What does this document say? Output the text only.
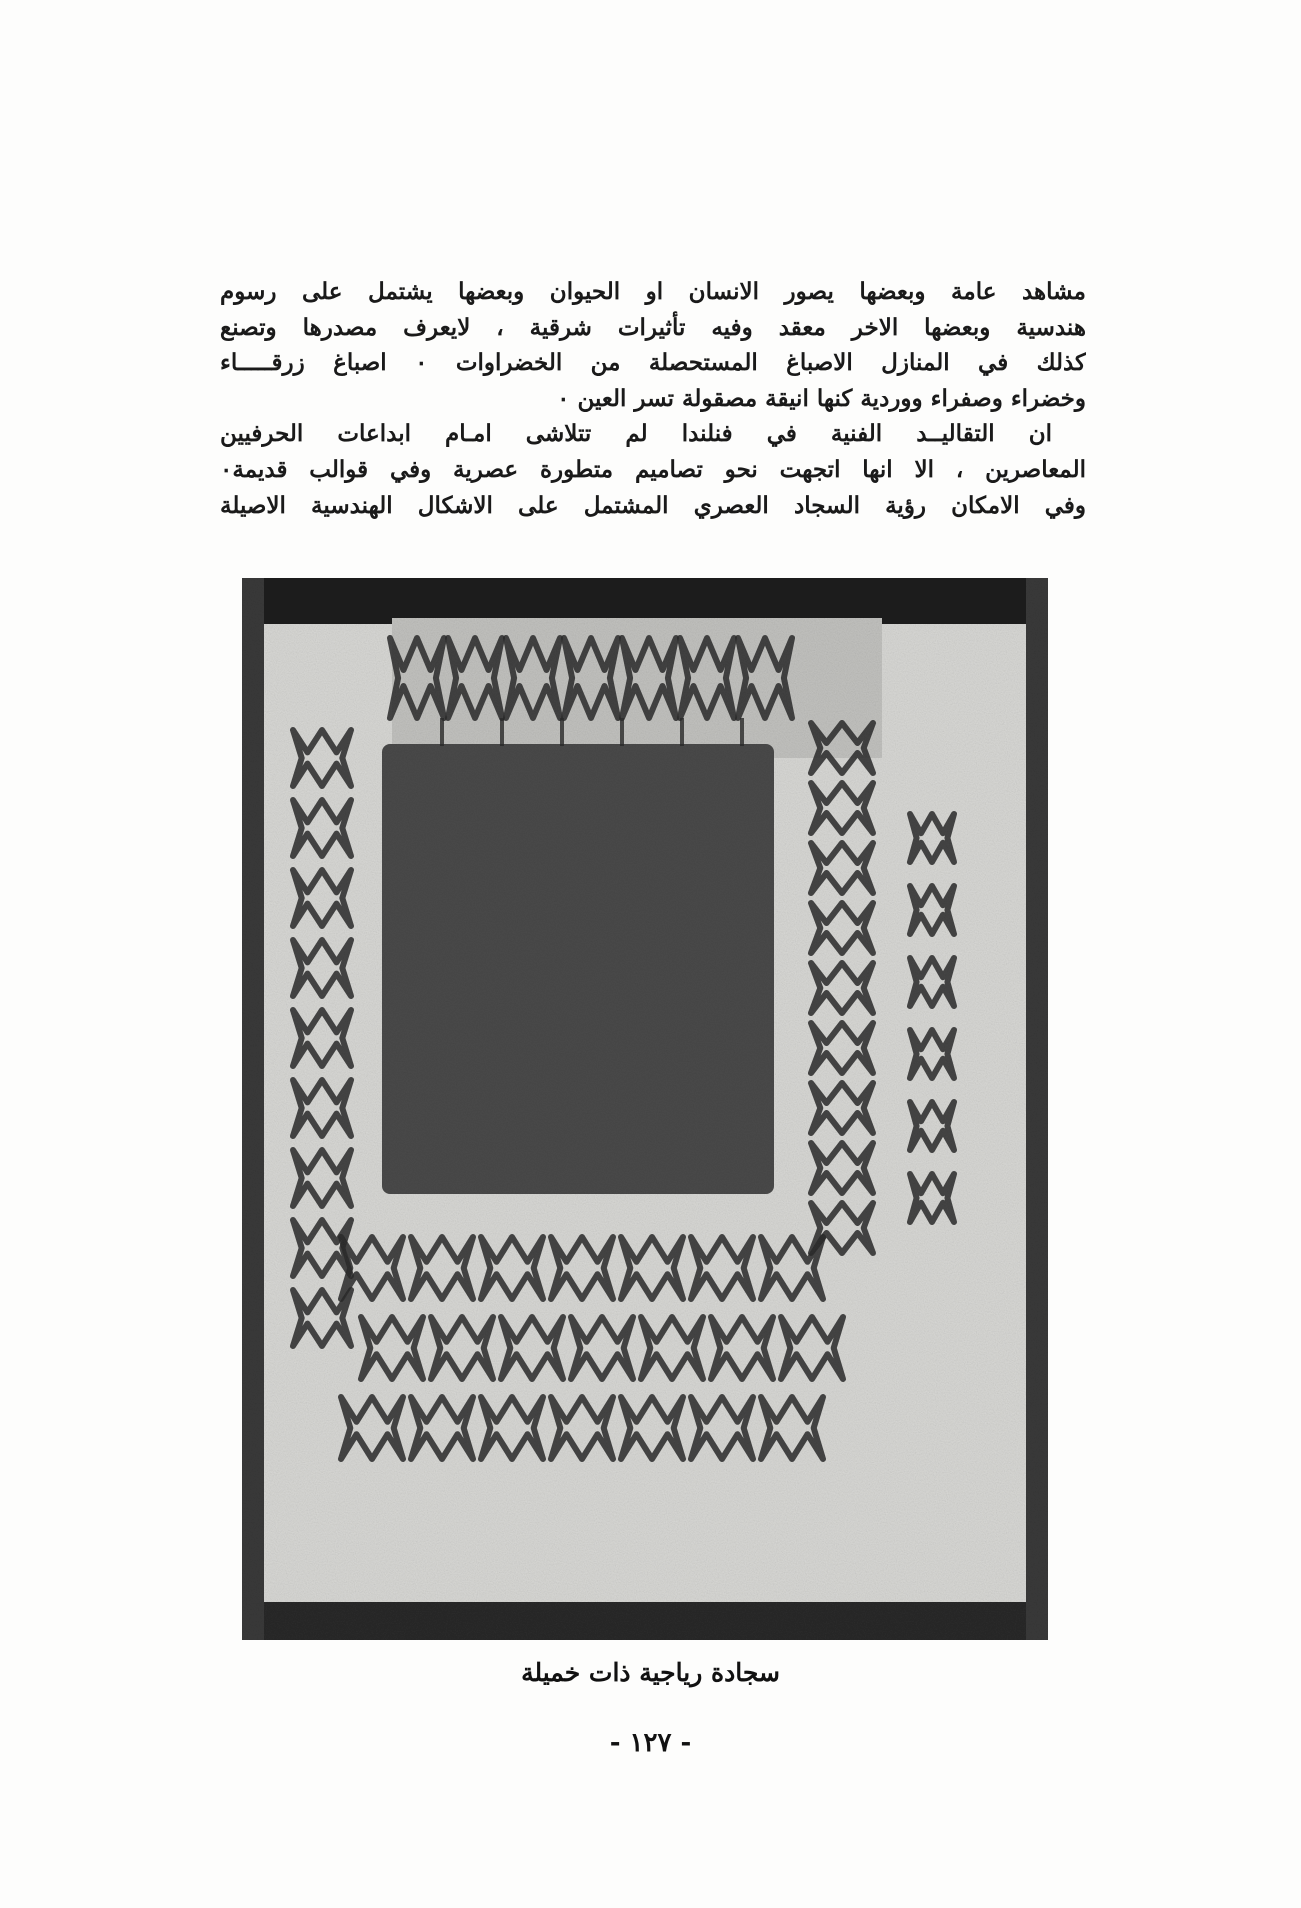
مشاهد عامة وبعضها يصور الانسان او الحيوان وبعضها يشتمل على رسوم
هندسية وبعضها الاخر معقد وفيه تأثيرات شرقية ، لايعرف مصدرها وتصنع
كذلك في المنازل الاصباغ المستحصلة من الخضراوات ٠ اصباغ زرقـــــاء
وخضراء وصفراء ووردية كنها انيقة مصقولة تسر العين ٠
ان التقاليــد الفنية في فنلندا لم تتلاشى امـام ابداعات الحرفيين
المعاصرين ، الا انها اتجهت نحو تصاميم متطورة عصرية وفي قوالب قديمة٠
وفي الامكان رؤية السجاد العصري المشتمل على الاشكال الهندسية الاصيلة
سجادة رياجية ذات خميلة
- ١٢٧ -
